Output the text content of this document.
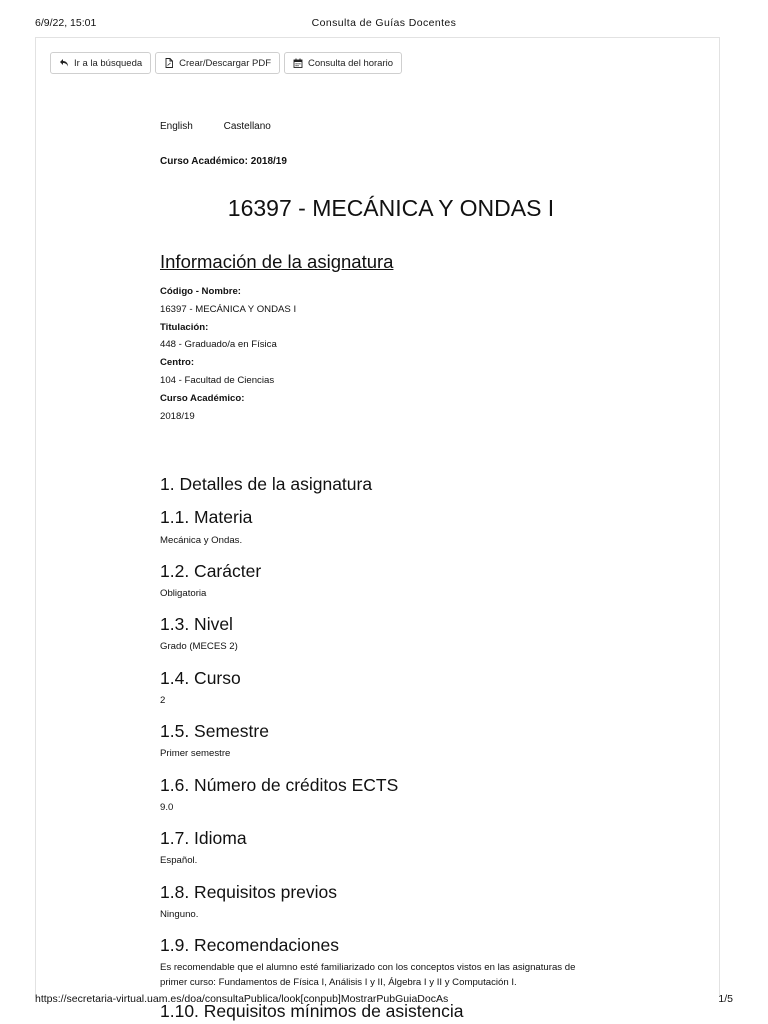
6/9/22, 15:01	Consulta de Guías Docentes
Ir a la búsqueda	Crear/Descargar PDF	Consulta del horario
English	Castellano
Curso Académico: 2018/19
16397 - MECÁNICA Y ONDAS I
Información de la asignatura
Código - Nombre:
16397 - MECÁNICA Y ONDAS I
Titulación:
448 - Graduado/a en Física
Centro:
104 - Facultad de Ciencias
Curso Académico:
2018/19
1. Detalles de la asignatura
1.1. Materia

Mecánica y Ondas.

1.2. Carácter

Obligatoria

1.3. Nivel

Grado (MECES 2)

1.4. Curso

2

1.5. Semestre

Primer semestre

1.6. Número de créditos ECTS

9.0

1.7. Idioma

Español.

1.8. Requisitos previos

Ninguno.

1.9. Recomendaciones

Es recomendable que el alumno esté familiarizado con los conceptos vistos en las asignaturas de

primer curso: Fundamentos de Física I, Análisis I y II, Álgebra I y II y Computación I.

1.10. Requisitos mínimos de asistencia
https://secretaria-virtual.uam.es/doa/consultaPublica/look[conpub]MostrarPubGuiaDocAs	1/5
